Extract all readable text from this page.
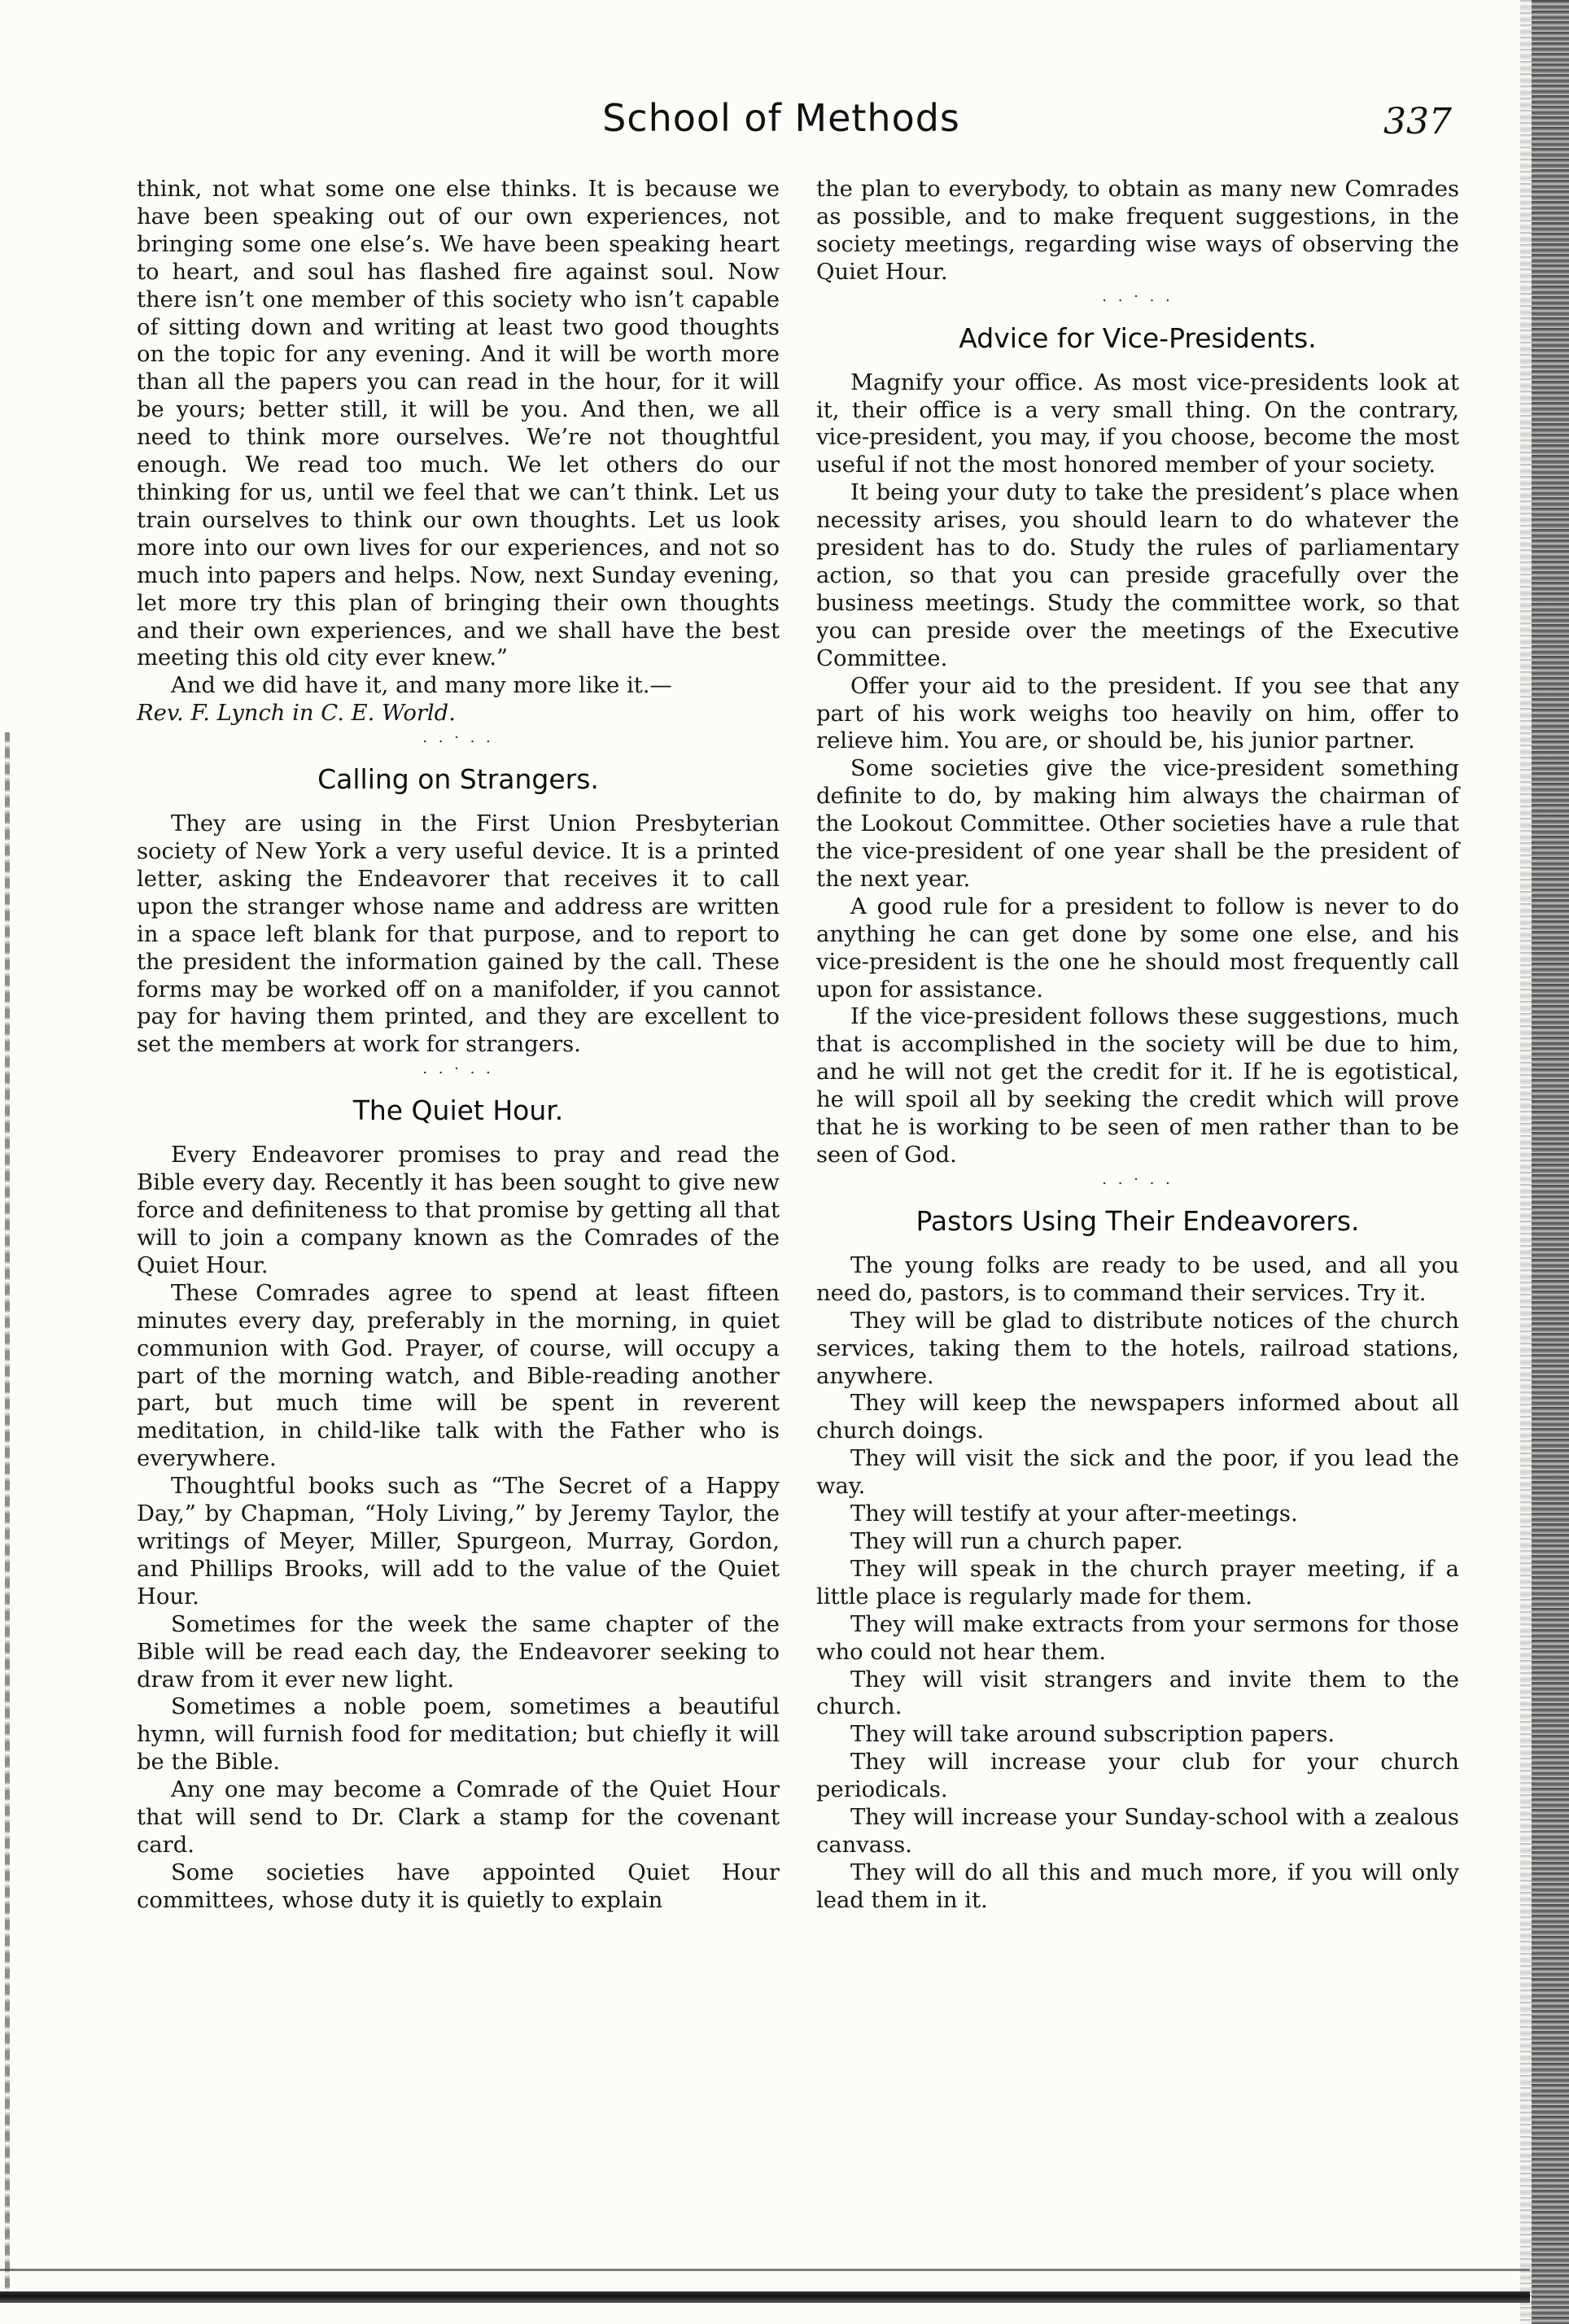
School of Methods	337

think, not what some one else thinks. It is because we have been speaking out of our own experiences, not bringing some one else’s. We have been speaking heart to heart, and soul has flashed fire against soul. Now there isn’t one member of this society who isn’t capable of sitting down and writing at least two good thoughts on the topic for any evening. And it will be worth more than all the papers you can read in the hour, for it will be yours; better still, it will be you. And then, we all need to think more ourselves. We’re not thoughtful enough. We read too much. We let others do our thinking for us, until we feel that we can’t think. Let us train ourselves to think our own thoughts. Let us look more into our own lives for our experiences, and not so much into papers and helps. Now, next Sunday evening, let more try this plan of bringing their own thoughts and their own experiences, and we shall have the best meeting this old city ever knew.”

And we did have it, and many more like it.—
Rev. F. Lynch in C. E. World.

. . · . .
Calling on Strangers.

They are using in the First Union Presbyterian society of New York a very useful device. It is a printed letter, asking the Endeavorer that receives it to call upon the stranger whose name and address are written in a space left blank for that purpose, and to report to the president the information gained by the call. These forms may be worked off on a manifolder, if you cannot pay for having them printed, and they are excellent to set the members at work for strangers.

. . · . .
The Quiet Hour.

Every Endeavorer promises to pray and read the Bible every day. Recently it has been sought to give new force and definiteness to that promise by getting all that will to join a company known as the Comrades of the Quiet Hour.

These Comrades agree to spend at least fifteen minutes every day, preferably in the morning, in quiet communion with God. Prayer, of course, will occupy a part of the morning watch, and Bible-reading another part, but much time will be spent in reverent meditation, in child-like talk with the Father who is everywhere.

Thoughtful books such as “The Secret of a Happy Day,” by Chapman, “Holy Living,” by Jeremy Taylor, the writings of Meyer, Miller, Spurgeon, Murray, Gordon, and Phillips Brooks, will add to the value of the Quiet Hour.

Sometimes for the week the same chapter of the Bible will be read each day, the Endeavorer seeking to draw from it ever new light.

Sometimes a noble poem, sometimes a beautiful hymn, will furnish food for meditation; but chiefly it will be the Bible.

Any one may become a Comrade of the Quiet Hour that will send to Dr. Clark a stamp for the covenant card.

Some societies have appointed Quiet Hour committees, whose duty it is quietly to explain

the plan to everybody, to obtain as many new Comrades as possible, and to make frequent suggestions, in the society meetings, regarding wise ways of observing the Quiet Hour.

. . · . .
Advice for Vice-Presidents.

Magnify your office. As most vice-presidents look at it, their office is a very small thing. On the contrary, vice-president, you may, if you choose, become the most useful if not the most honored member of your society.

It being your duty to take the president’s place when necessity arises, you should learn to do whatever the president has to do. Study the rules of parliamentary action, so that you can preside gracefully over the business meetings. Study the committee work, so that you can preside over the meetings of the Executive Committee.

Offer your aid to the president. If you see that any part of his work weighs too heavily on him, offer to relieve him. You are, or should be, his junior partner.

Some societies give the vice-president something definite to do, by making him always the chairman of the Lookout Committee. Other societies have a rule that the vice-president of one year shall be the president of the next year.

A good rule for a president to follow is never to do anything he can get done by some one else, and his vice-president is the one he should most frequently call upon for assistance.

If the vice-president follows these suggestions, much that is accomplished in the society will be due to him, and he will not get the credit for it. If he is egotistical, he will spoil all by seeking the credit which will prove that he is working to be seen of men rather than to be seen of God.

. . · . .
Pastors Using Their Endeavorers.

The young folks are ready to be used, and all you need do, pastors, is to command their services. Try it.

They will be glad to distribute notices of the church services, taking them to the hotels, railroad stations, anywhere.

They will keep the newspapers informed about all church doings.

They will visit the sick and the poor, if you lead the way.

They will testify at your after-meetings.

They will run a church paper.

They will speak in the church prayer meeting, if a little place is regularly made for them.

They will make extracts from your sermons for those who could not hear them.

They will visit strangers and invite them to the church.

They will take around subscription papers.

They will increase your club for your church periodicals.

They will increase your Sunday-school with a zealous canvass.

They will do all this and much more, if you will only lead them in it.
